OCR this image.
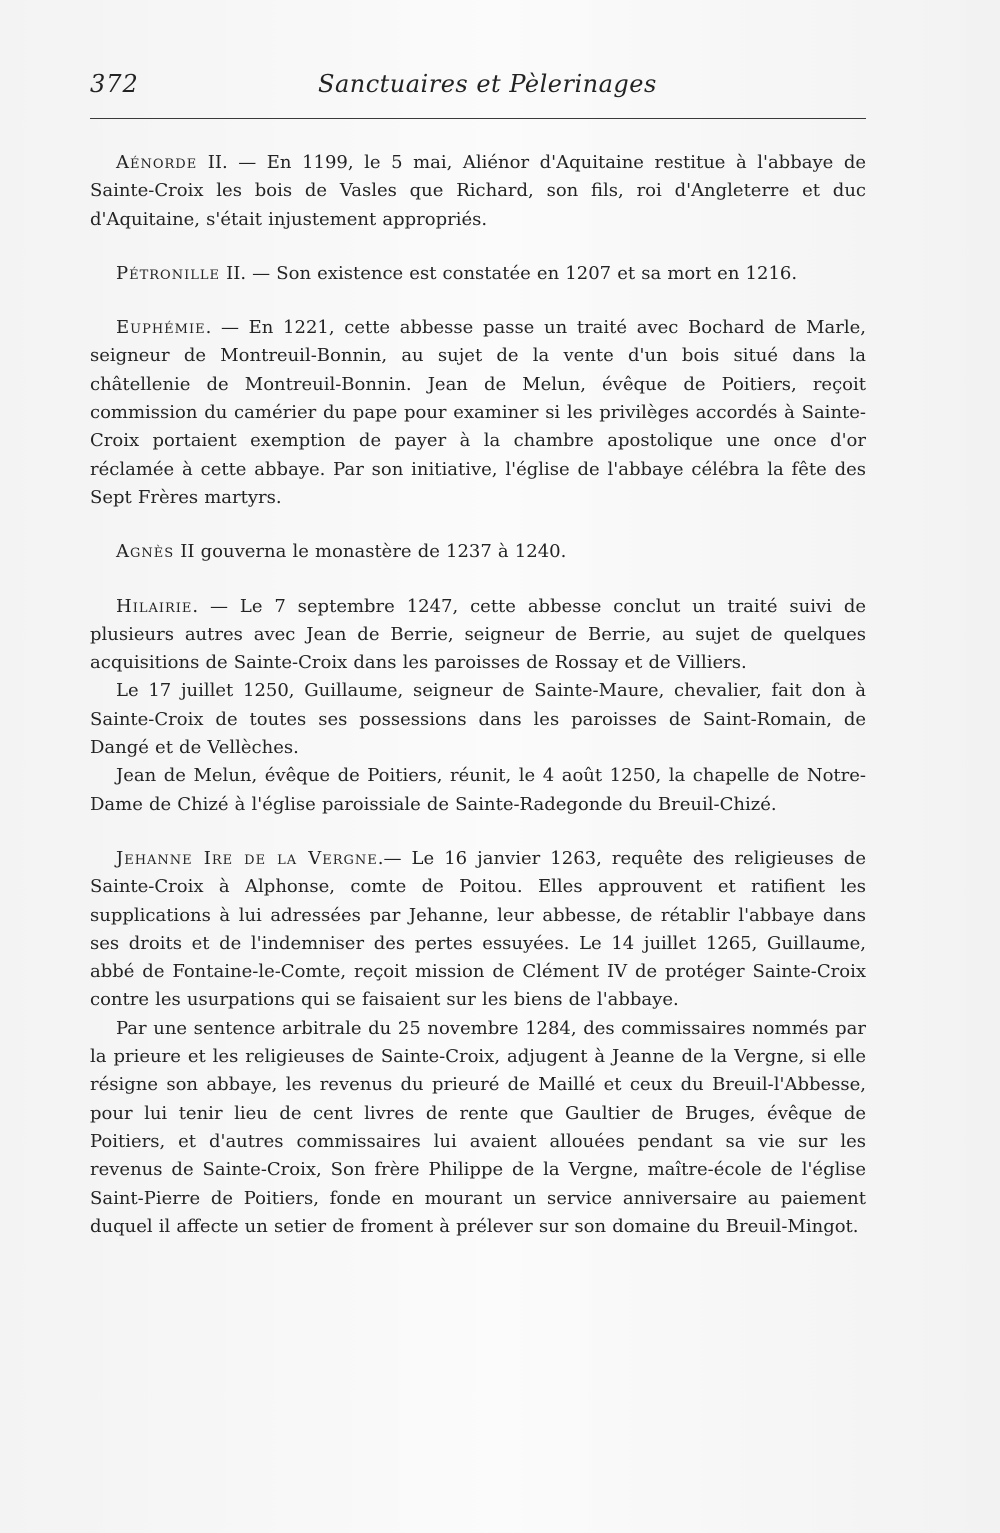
372	Sanctuaires et Pèlerinages

Aénorde II. — En 1199, le 5 mai, Aliénor d'Aquitaine restitue à l'abbaye de Sainte-Croix les bois de Vasles que Richard, son fils, roi d'Angleterre et duc d'Aquitaine, s'était injustement appropriés.

Pétronille II. — Son existence est constatée en 1207 et sa mort en 1216.

Euphémie. — En 1221, cette abbesse passe un traité avec Bochard de Marle, seigneur de Montreuil-Bonnin, au sujet de la vente d'un bois situé dans la châtellenie de Montreuil-Bonnin. Jean de Melun, évêque de Poitiers, reçoit commission du camérier du pape pour examiner si les privilèges accordés à Sainte-Croix portaient exemption de payer à la chambre apostolique une once d'or réclamée à cette abbaye. Par son initiative, l'église de l'abbaye célébra la fête des Sept Frères martyrs.

Agnès II gouverna le monastère de 1237 à 1240.

Hilairie. — Le 7 septembre 1247, cette abbesse conclut un traité suivi de plusieurs autres avec Jean de Berrie, seigneur de Berrie, au sujet de quelques acquisitions de Sainte-Croix dans les paroisses de Rossay et de Villiers.

Le 17 juillet 1250, Guillaume, seigneur de Sainte-Maure, chevalier, fait don à Sainte-Croix de toutes ses possessions dans les paroisses de Saint-Romain, de Dangé et de Vellèches.

Jean de Melun, évêque de Poitiers, réunit, le 4 août 1250, la chapelle de Notre-Dame de Chizé à l'église paroissiale de Sainte-Radegonde du Breuil-Chizé.

Jehanne Ire de la Vergne.— Le 16 janvier 1263, requête des religieuses de Sainte-Croix à Alphonse, comte de Poitou. Elles approuvent et ratifient les supplications à lui adressées par Jehanne, leur abbesse, de rétablir l'abbaye dans ses droits et de l'indemniser des pertes essuyées. Le 14 juillet 1265, Guillaume, abbé de Fontaine-le-Comte, reçoit mission de Clément IV de protéger Sainte-Croix contre les usurpations qui se faisaient sur les biens de l'abbaye.

Par une sentence arbitrale du 25 novembre 1284, des commissaires nommés par la prieure et les religieuses de Sainte-Croix, adjugent à Jeanne de la Vergne, si elle résigne son abbaye, les revenus du prieuré de Maillé et ceux du Breuil-l'Abbesse, pour lui tenir lieu de cent livres de rente que Gaultier de Bruges, évêque de Poitiers, et d'autres commissaires lui avaient allouées pendant sa vie sur les revenus de Sainte-Croix, Son frère Philippe de la Vergne, maître-école de l'église Saint-Pierre de Poitiers, fonde en mourant un service anniversaire au paiement duquel il affecte un setier de froment à prélever sur son domaine du Breuil-Mingot.
